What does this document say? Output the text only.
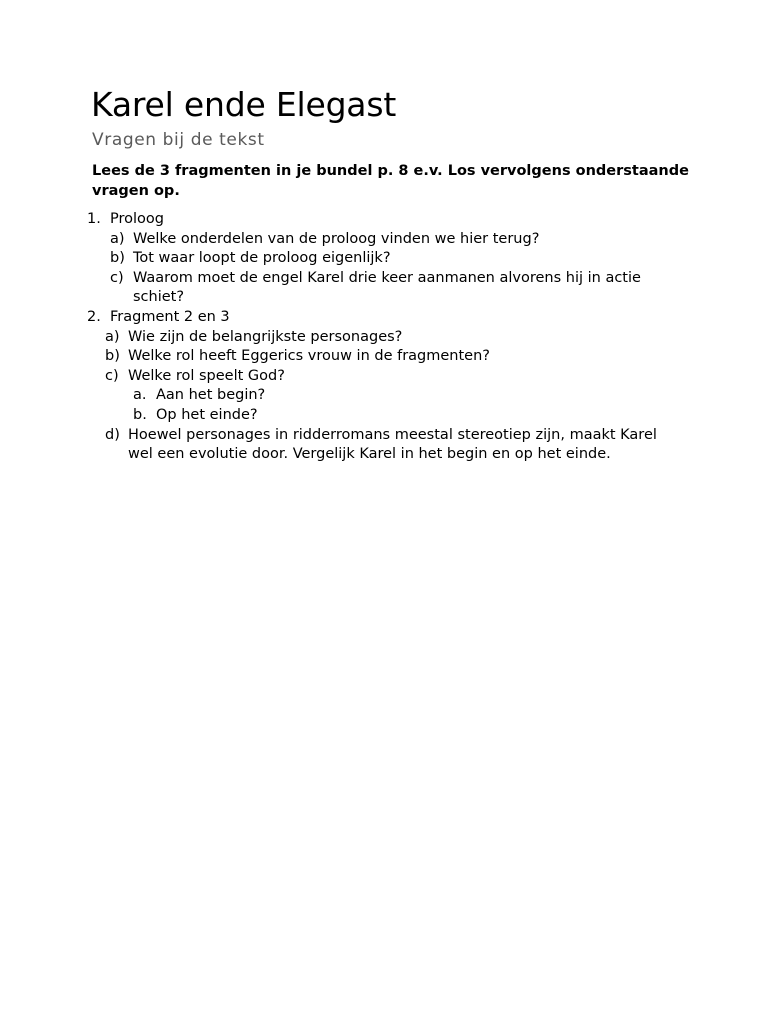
Karel ende Elegast

Vragen bij de tekst

Lees de 3 fragmenten in je bundel p. 8 e.v. Los vervolgens onderstaande vragen op.

1. Proloog
a) Welke onderdelen van de proloog vinden we hier terug?
b) Tot waar loopt de proloog eigenlijk?
c) Waarom moet de engel Karel drie keer aanmanen alvorens hij in actie schiet?
2. Fragment 2 en 3
a) Wie zijn de belangrijkste personages?
b) Welke rol heeft Eggerics vrouw in de fragmenten?
c) Welke rol speelt God?
a. Aan het begin?
b. Op het einde?
d) Hoewel personages in ridderromans meestal stereotiep zijn, maakt Karel wel een evolutie door. Vergelijk Karel in het begin en op het einde.
